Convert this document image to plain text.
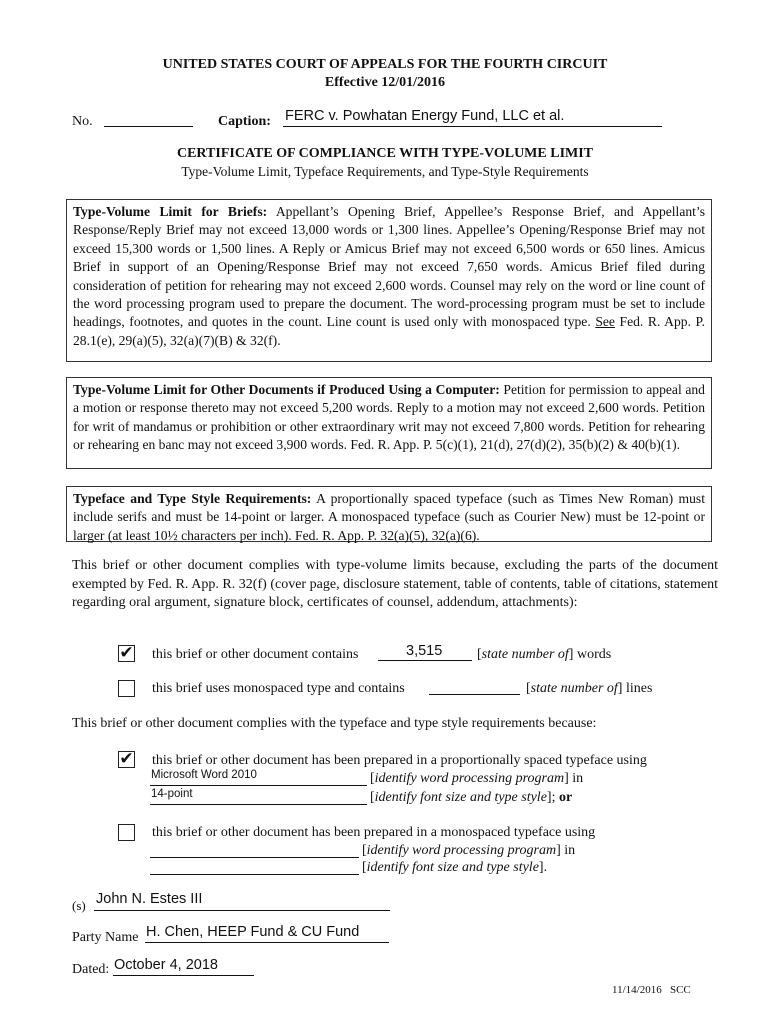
UNITED STATES COURT OF APPEALS FOR THE FOURTH CIRCUIT
Effective 12/01/2016
No.	Caption: FERC v. Powhatan Energy Fund, LLC et al.
CERTIFICATE OF COMPLIANCE WITH TYPE-VOLUME LIMIT
Type-Volume Limit, Typeface Requirements, and Type-Style Requirements
Type-Volume Limit for Briefs: Appellant’s Opening Brief, Appellee’s Response Brief, and Appellant’s Response/Reply Brief may not exceed 13,000 words or 1,300 lines. Appellee’s Opening/Response Brief may not exceed 15,300 words or 1,500 lines. A Reply or Amicus Brief may not exceed 6,500 words or 650 lines. Amicus Brief in support of an Opening/Response Brief may not exceed 7,650 words. Amicus Brief filed during consideration of petition for rehearing may not exceed 2,600 words. Counsel may rely on the word or line count of the word processing program used to prepare the document. The word-processing program must be set to include headings, footnotes, and quotes in the count. Line count is used only with monospaced type. See Fed. R. App. P. 28.1(e), 29(a)(5), 32(a)(7)(B) & 32(f).
Type-Volume Limit for Other Documents if Produced Using a Computer: Petition for permission to appeal and a motion or response thereto may not exceed 5,200 words. Reply to a motion may not exceed 2,600 words. Petition for writ of mandamus or prohibition or other extraordinary writ may not exceed 7,800 words. Petition for rehearing or rehearing en banc may not exceed 3,900 words. Fed. R. App. P. 5(c)(1), 21(d), 27(d)(2), 35(b)(2) & 40(b)(1).
Typeface and Type Style Requirements: A proportionally spaced typeface (such as Times New Roman) must include serifs and must be 14-point or larger. A monospaced typeface (such as Courier New) must be 12-point or larger (at least 10½ characters per inch). Fed. R. App. P. 32(a)(5), 32(a)(6).
This brief or other document complies with type-volume limits because, excluding the parts of the document exempted by Fed. R. App. R. 32(f) (cover page, disclosure statement, table of contents, table of citations, statement regarding oral argument, signature block, certificates of counsel, addendum, attachments):
✔ this brief or other document contains	3,515 [state number of] words
this brief uses monospaced type and contains	[state number of] lines
This brief or other document complies with the typeface and type style requirements because:
✔ this brief or other document has been prepared in a proportionally spaced typeface using
Microsoft Word 2010	[identify word processing program] in
14-point	[identify font size and type style]; or
this brief or other document has been prepared in a monospaced typeface using
[identify word processing program] in
[identify font size and type style].
(s) John N. Estes III
Party Name H. Chen, HEEP Fund & CU Fund
Dated: October 4, 2018
11/14/2016   SCC
